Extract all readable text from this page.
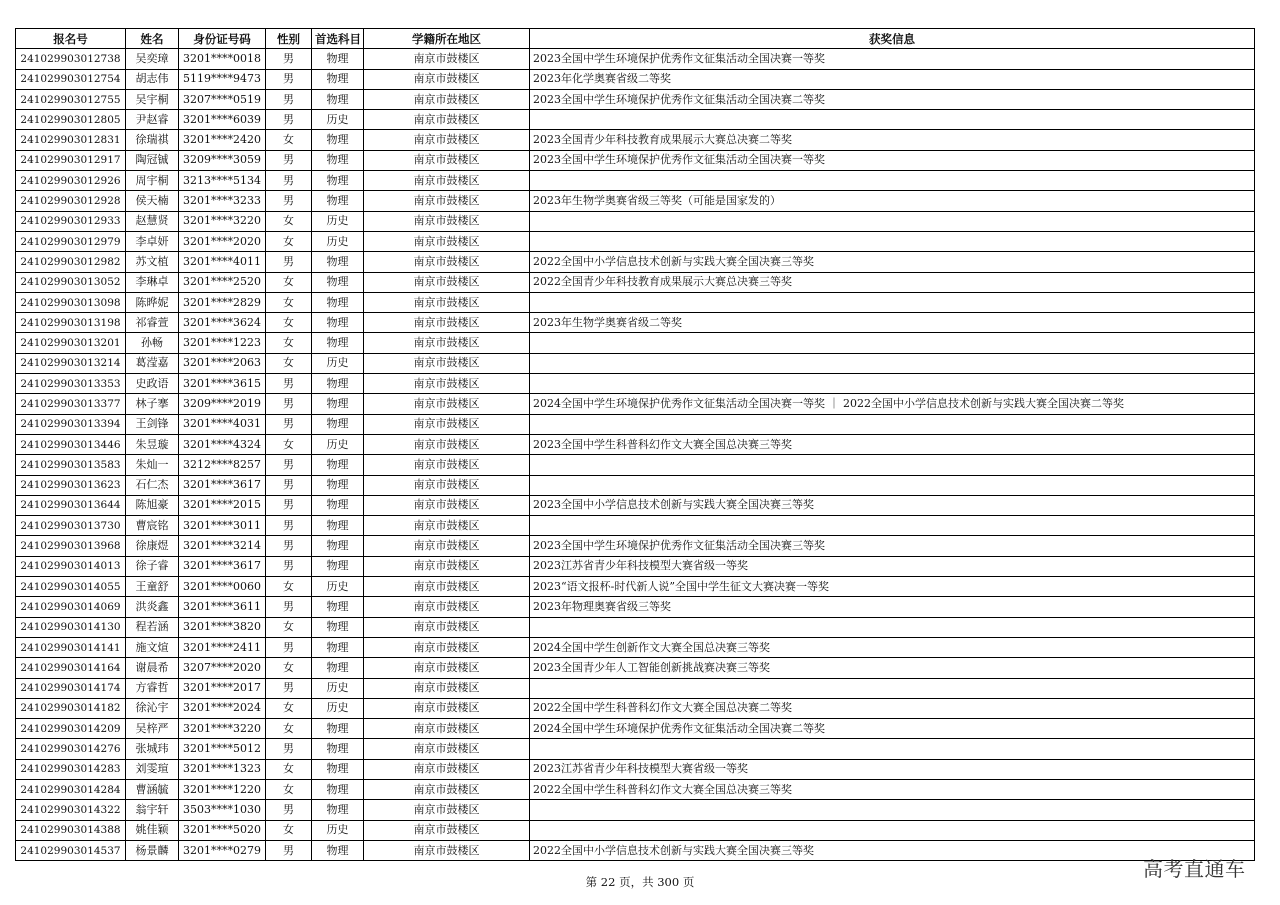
报名号	姓名	身份证号码	性别	首选科目	学籍所在地区	获奖信息
241029903012738	吴奕璋	3201****0018	男	物理	南京市鼓楼区	2023全国中学生环境保护优秀作文征集活动全国决赛一等奖
241029903012754	胡志伟	5119****9473	男	物理	南京市鼓楼区	2023年化学奥赛省级二等奖
241029903012755	吴宇桐	3207****0519	男	物理	南京市鼓楼区	2023全国中学生环境保护优秀作文征集活动全国决赛二等奖
241029903012805	尹赵睿	3201****6039	男	历史	南京市鼓楼区	
241029903012831	徐瑞祺	3201****2420	女	物理	南京市鼓楼区	2023全国青少年科技教育成果展示大赛总决赛二等奖
241029903012917	陶冠铖	3209****3059	男	物理	南京市鼓楼区	2023全国中学生环境保护优秀作文征集活动全国决赛一等奖
241029903012926	周宇桐	3213****5134	男	物理	南京市鼓楼区	
241029903012928	侯天楠	3201****3233	男	物理	南京市鼓楼区	2023年生物学奥赛省级三等奖（可能是国家发的）
241029903012933	赵慧贤	3201****3220	女	历史	南京市鼓楼区	
241029903012979	李卓妍	3201****2020	女	历史	南京市鼓楼区	
241029903012982	苏文植	3201****4011	男	物理	南京市鼓楼区	2022全国中小学信息技术创新与实践大赛全国决赛三等奖
241029903013052	李琳卓	3201****2520	女	物理	南京市鼓楼区	2022全国青少年科技教育成果展示大赛总决赛三等奖
241029903013098	陈晔妮	3201****2829	女	物理	南京市鼓楼区	
241029903013198	祁睿萱	3201****3624	女	物理	南京市鼓楼区	2023年生物学奥赛省级二等奖
241029903013201	孙畅	3201****1223	女	物理	南京市鼓楼区	
241029903013214	葛滢嘉	3201****2063	女	历史	南京市鼓楼区	
241029903013353	史政语	3201****3615	男	物理	南京市鼓楼区	
241029903013377	林子搴	3209****2019	男	物理	南京市鼓楼区	2024全国中学生环境保护优秀作文征集活动全国决赛一等奖 ｜ 2022全国中小学信息技术创新与实践大赛全国决赛二等奖
241029903013394	王剑锋	3201****4031	男	物理	南京市鼓楼区	
241029903013446	朱昱璇	3201****4324	女	历史	南京市鼓楼区	2023全国中学生科普科幻作文大赛全国总决赛三等奖
241029903013583	朱灿一	3212****8257	男	物理	南京市鼓楼区	
241029903013623	石仁杰	3201****3617	男	物理	南京市鼓楼区	
241029903013644	陈旭豪	3201****2015	男	物理	南京市鼓楼区	2023全国中小学信息技术创新与实践大赛全国决赛三等奖
241029903013730	曹宸铭	3201****3011	男	物理	南京市鼓楼区	
241029903013968	徐康煜	3201****3214	男	物理	南京市鼓楼区	2023全国中学生环境保护优秀作文征集活动全国决赛三等奖
241029903014013	徐子睿	3201****3617	男	物理	南京市鼓楼区	2023江苏省青少年科技模型大赛省级一等奖
241029903014055	王童舒	3201****0060	女	历史	南京市鼓楼区	2023“语文报杯-时代新人说”全国中学生征文大赛决赛一等奖
241029903014069	洪炎鑫	3201****3611	男	物理	南京市鼓楼区	2023年物理奥赛省级三等奖
241029903014130	程若涵	3201****3820	女	物理	南京市鼓楼区	
241029903014141	施文煊	3201****2411	男	物理	南京市鼓楼区	2024全国中学生创新作文大赛全国总决赛三等奖
241029903014164	谢晨希	3207****2020	女	物理	南京市鼓楼区	2023全国青少年人工智能创新挑战赛决赛三等奖
241029903014174	方睿哲	3201****2017	男	历史	南京市鼓楼区	
241029903014182	徐沁宇	3201****2024	女	历史	南京市鼓楼区	2022全国中学生科普科幻作文大赛全国总决赛二等奖
241029903014209	吴梓严	3201****3220	女	物理	南京市鼓楼区	2024全国中学生环境保护优秀作文征集活动全国决赛二等奖
241029903014276	张城玮	3201****5012	男	物理	南京市鼓楼区	
241029903014283	刘雯瑄	3201****1323	女	物理	南京市鼓楼区	2023江苏省青少年科技模型大赛省级一等奖
241029903014284	曹涵毓	3201****1220	女	物理	南京市鼓楼区	2022全国中学生科普科幻作文大赛全国总决赛三等奖
241029903014322	翁宇轩	3503****1030	男	物理	南京市鼓楼区	
241029903014388	姚佳颖	3201****5020	女	历史	南京市鼓楼区	
241029903014537	杨景麟	3201****0279	男	物理	南京市鼓楼区	2022全国中小学信息技术创新与实践大赛全国决赛三等奖
高考直通车
第 22 页，共 300 页
